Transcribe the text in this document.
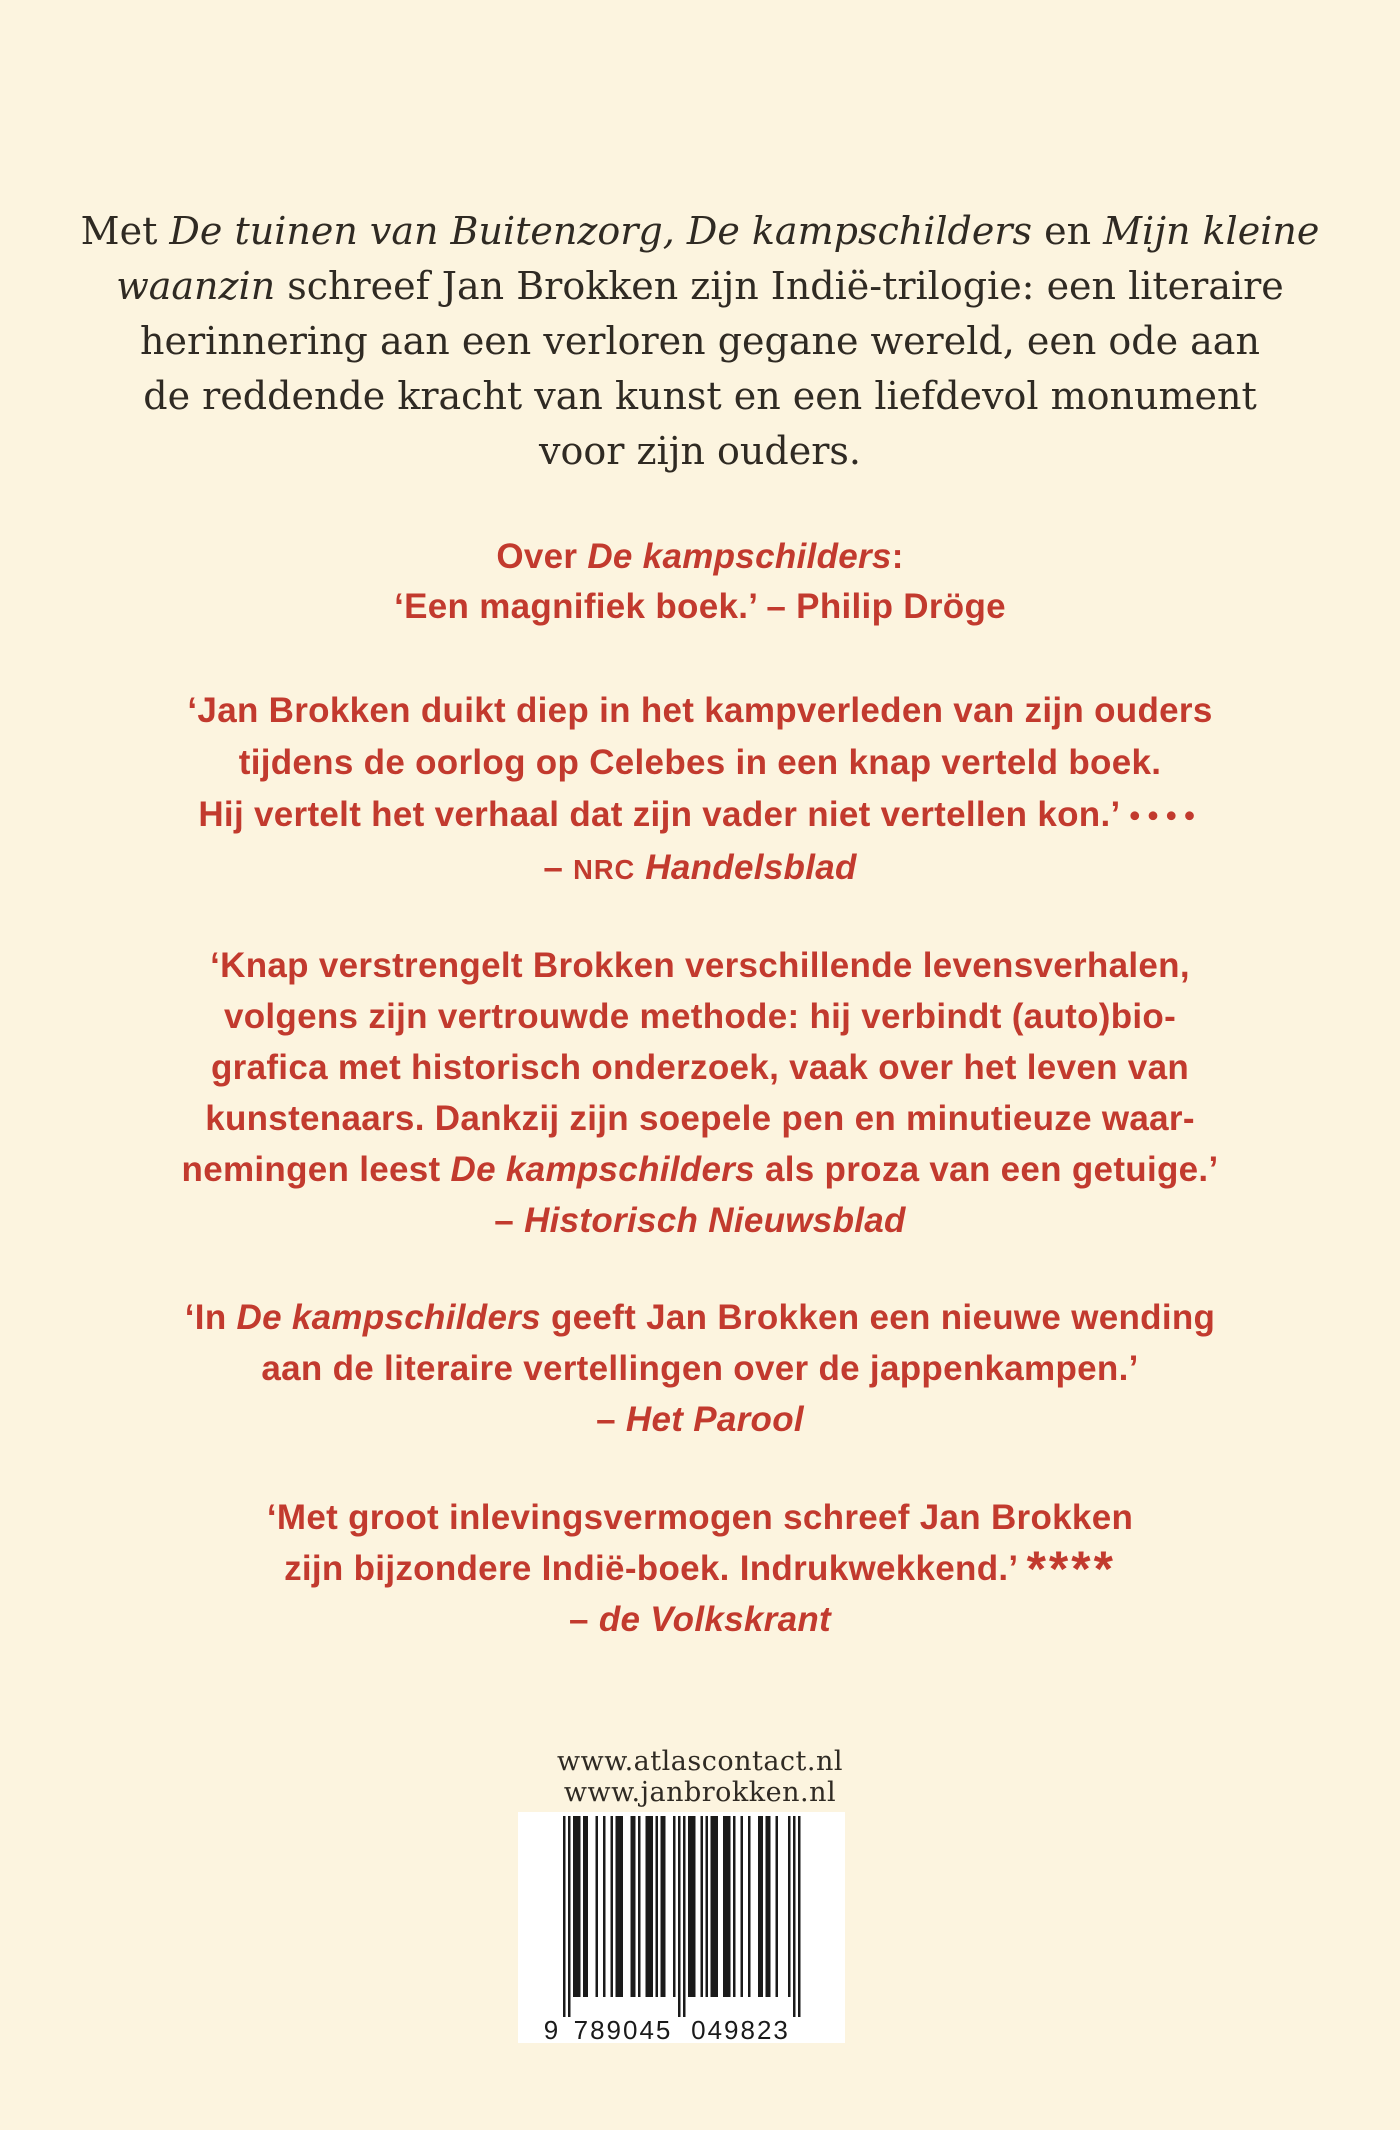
Met De tuinen van Buitenzorg, De kampschilders en Mijn kleine
waanzin schreef Jan Brokken zijn Indië-trilogie: een literaire
herinnering aan een verloren gegane wereld, een ode aan
de reddende kracht van kunst en een liefdevol monument
voor zijn ouders.
Over De kampschilders:
‘Een magnifiek boek.’ – Philip Dröge
‘Jan Brokken duikt diep in het kampverleden van zijn ouders
tijdens de oorlog op Celebes in een knap verteld boek.
Hij vertelt het verhaal dat zijn vader niet vertellen kon.’ ●●●●
– NRC Handelsblad
‘Knap verstrengelt Brokken verschillende levensverhalen,
volgens zijn vertrouwde methode: hij verbindt (auto)bio-
grafica met historisch onderzoek, vaak over het leven van
kunstenaars. Dankzij zijn soepele pen en minutieuze waar-
nemingen leest De kampschilders als proza van een getuige.’
– Historisch Nieuwsblad
‘In De kampschilders geeft Jan Brokken een nieuwe wending
aan de literaire vertellingen over de jappenkampen.’
– Het Parool
‘Met groot inlevingsvermogen schreef Jan Brokken
zijn bijzondere Indië-boek. Indrukwekkend.’ ****
– de Volkskrant
www.atlascontact.nl
www.janbrokken.nl
9 789045 049823
